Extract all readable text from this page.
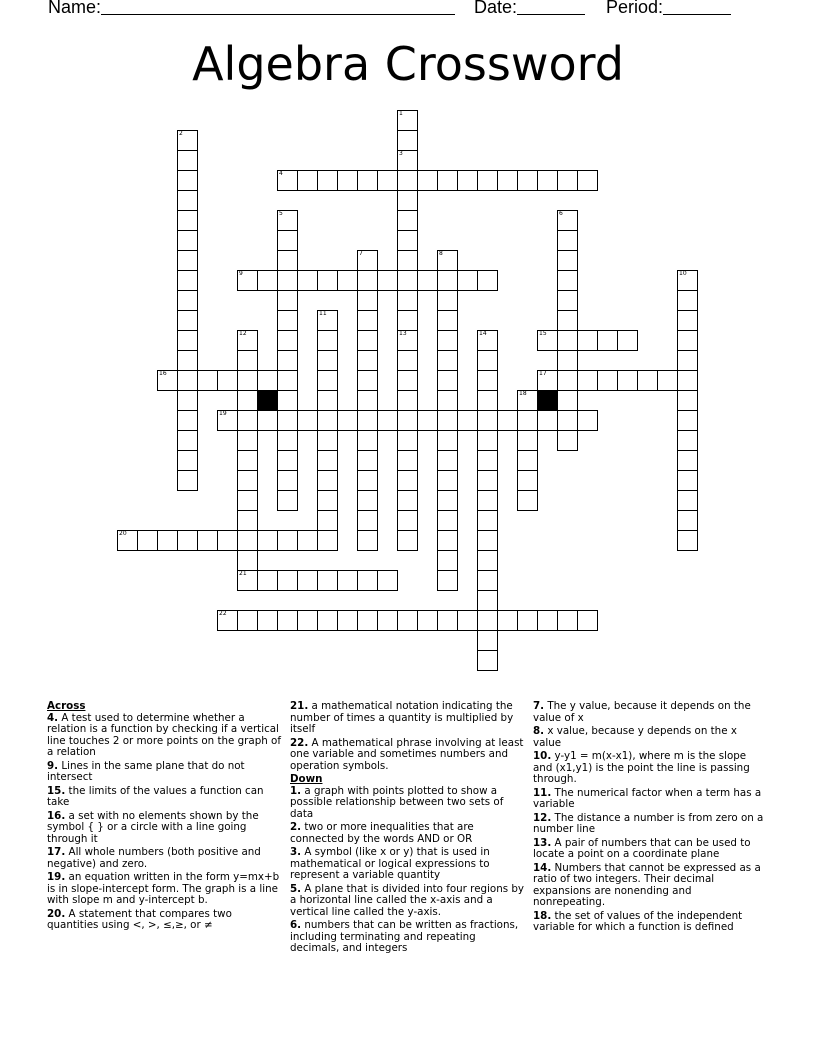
Name:	Date:	Period:
Algebra Crossword
1
2
3
4
5	6
7	8
9	10
11
12	13	14	15
16	17
18
19
20
21
22
Across
4. A test used to determine whether a relation is a function by checking if a vertical line touches 2 or more points on the graph of a relation
9. Lines in the same plane that do not intersect
15. the limits of the values a function can take
16. a set with no elements shown by the symbol { } or a circle with a line going through it
17. All whole numbers (both positive and negative) and zero.
19. an equation written in the form y=mx+b is in slope-intercept form. The graph is a line with slope m and y-intercept b.
20. A statement that compares two quantities using <, >, ≤,≥, or ≠
21. a mathematical notation indicating the number of times a quantity is multiplied by itself
22. A mathematical phrase involving at least one variable and sometimes numbers and operation symbols.
Down
1. a graph with points plotted to show a possible relationship between two sets of data
2. two or more inequalities that are connected by the words AND or OR
3. A symbol (like x or y) that is used in mathematical or logical expressions to represent a variable quantity
5. A plane that is divided into four regions by a horizontal line called the x-axis and a vertical line called the y-axis.
6. numbers that can be written as fractions, including terminating and repeating decimals, and integers
7. The y value, because it depends on the value of x
8. x value, because y depends on the x value
10. y-y1 = m(x-x1), where m is the slope and (x1,y1) is the point the line is passing through.
11. The numerical factor when a term has a variable
12. The distance a number is from zero on a number line
13. A pair of numbers that can be used to locate a point on a coordinate plane
14. Numbers that cannot be expressed as a ratio of two integers. Their decimal expansions are nonending and nonrepeating.
18. the set of values of the independent variable for which a function is defined
